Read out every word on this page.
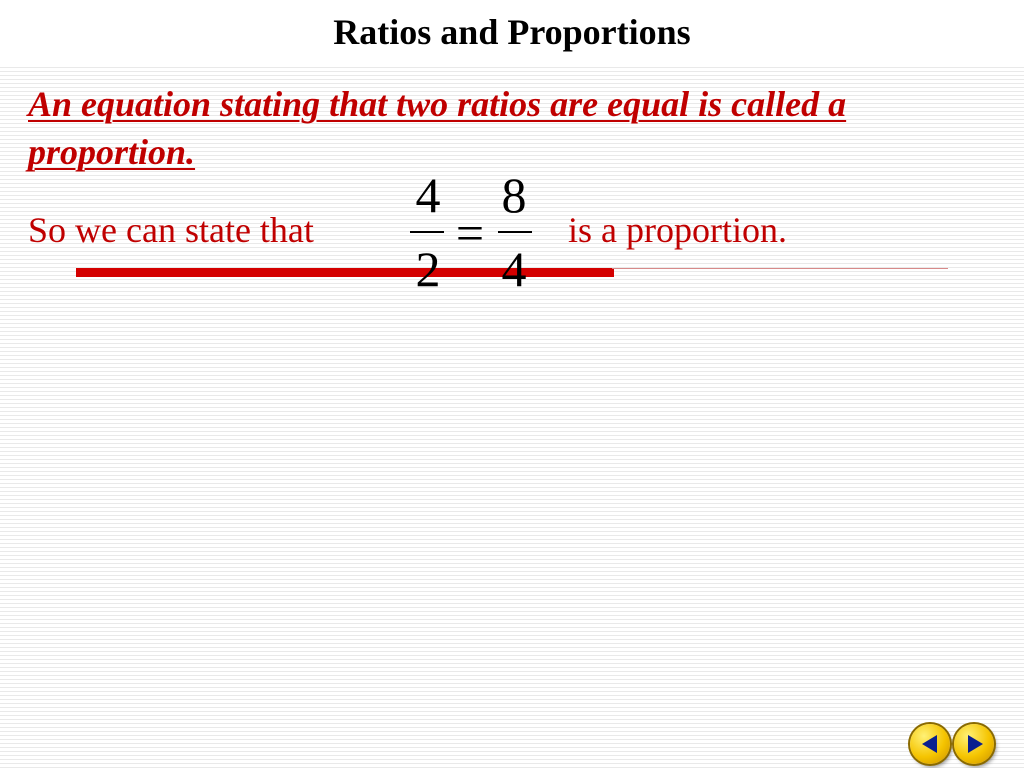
Ratios and Proportions

An equation stating that two ratios are equal is called a proportion.

So we can state that
4
2
=
8
4
is a proportion.
